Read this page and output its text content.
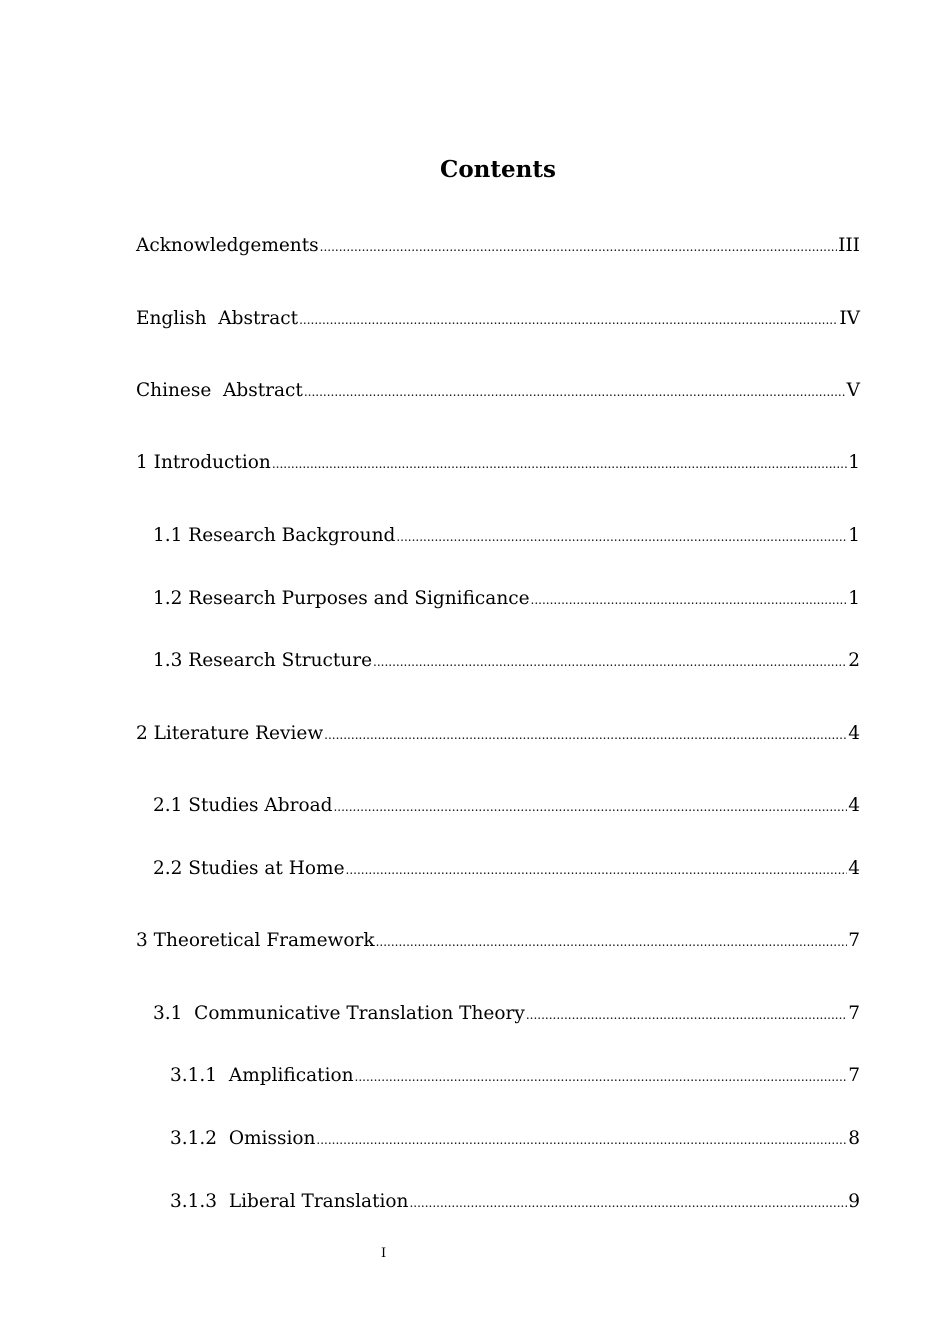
Contents
Acknowledgements .....	III
English  Abstract .....	IV
Chinese  Abstract .....	V
1 Introduction .....	1
1.1 Research Background .....	1
1.2 Research Purposes and Significance .....	1
1.3 Research Structure .....	2
2 Literature Review .....	4
2.1 Studies Abroad .....	4
2.2 Studies at Home .....	4
3 Theoretical Framework .....	7
3.1  Communicative Translation Theory .....	7
3.1.1  Amplification .....	7
3.1.2  Omission .....	8
3.1.3  Liberal Translation .....	9
I
